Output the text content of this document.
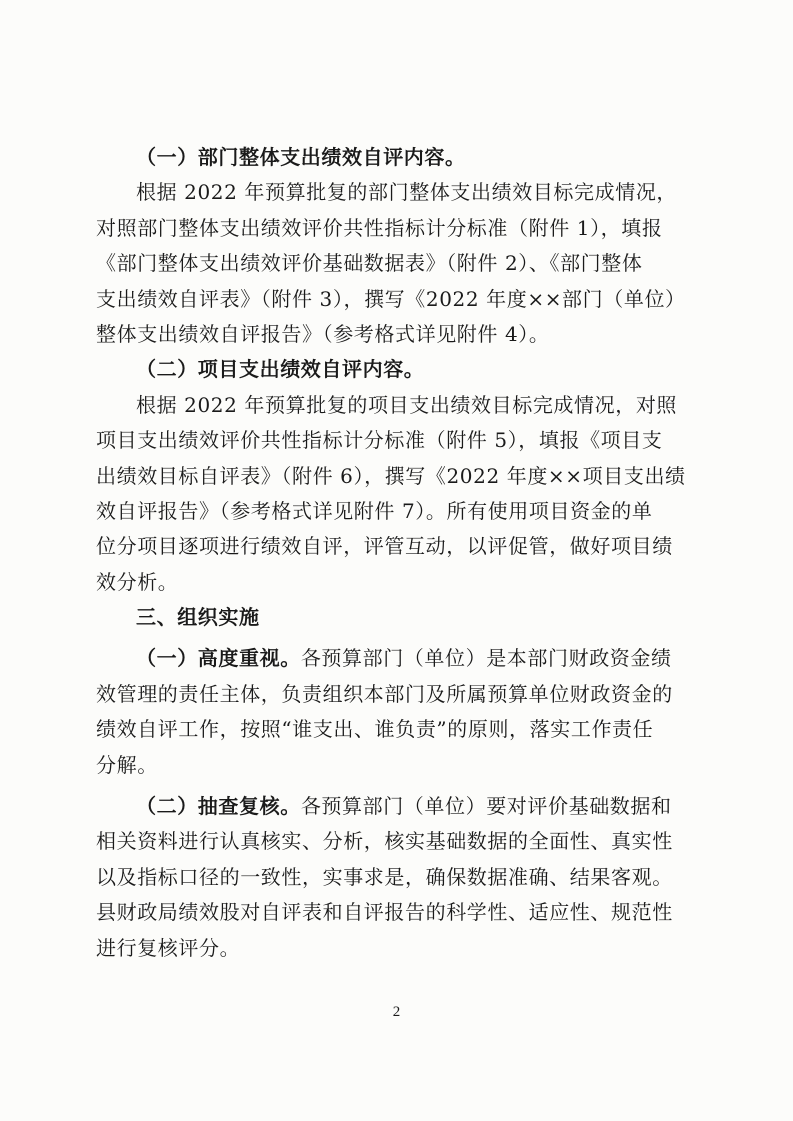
（一）部门整体支出绩效自评内容。
根据 2022 年预算批复的部门整体支出绩效目标完成情况，
对照部门整体支出绩效评价共性指标计分标准（附件 1），填报
《部门整体支出绩效评价基础数据表》（附件 2）、《部门整体
支出绩效自评表》（附件 3），撰写《2022 年度××部门（单位）
整体支出绩效自评报告》（参考格式详见附件 4）。
（二）项目支出绩效自评内容。
根据 2022 年预算批复的项目支出绩效目标完成情况，对照
项目支出绩效评价共性指标计分标准（附件 5），填报《项目支
出绩效目标自评表》（附件 6），撰写《2022 年度××项目支出绩
效自评报告》（参考格式详见附件 7）。所有使用项目资金的单
位分项目逐项进行绩效自评，评管互动，以评促管，做好项目绩
效分析。
三、组织实施
（一）高度重视。各预算部门（单位）是本部门财政资金绩
效管理的责任主体，负责组织本部门及所属预算单位财政资金的
绩效自评工作，按照“谁支出、谁负责”的原则，落实工作责任
分解。
（二）抽查复核。各预算部门（单位）要对评价基础数据和
相关资料进行认真核实、分析，核实基础数据的全面性、真实性
以及指标口径的一致性，实事求是，确保数据准确、结果客观。
县财政局绩效股对自评表和自评报告的科学性、适应性、规范性
进行复核评分。
2
